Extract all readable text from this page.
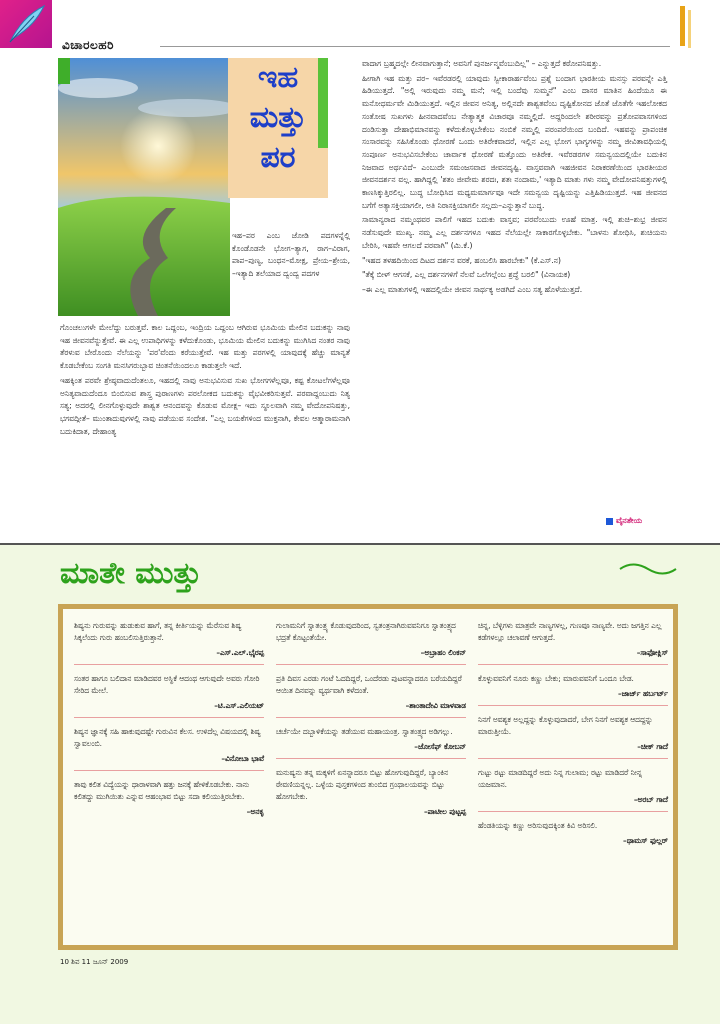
ವಿಚಾರಲಹರಿ
ಇಹ
ಮತ್ತು
ಪರ

ಇಹ–ಪರ ಎಂಬ ಜೋಡಿ ಪದಗಳನ್ನೆಲ್ಲಿ ಕೊಂಡೊಡನೇ ಭೋಗ–ತ್ಯಾಗ, ರಾಗ–ವಿರಾಗ, ಪಾಪ–ಪುಣ್ಯ, ಬಂಧನ–ಮೋಕ್ಷ, ಪ್ರೇಯ–ಶ್ರೇಯ, –ಇತ್ಯಾದಿ ತಲೆಯಾದ ದ್ವಂದ್ವ ಪದಗಳ

ಗೊಂಚಲುಗಳೇ ಮೇಲೆದ್ದು ಬರುತ್ತವೆ. ಕಾಲ ಒದ್ದಂಬ, ಇಂದ್ರಿಯ ಒದ್ದಂಬ ಆಗಿರುವ ಭೂಮಿಯ ಮೇಲಿನ ಬದುಕನ್ನು ನಾವು ಇಹ ಜೀವನವೆನ್ನುತ್ತೇವೆ. ಈ ಎಲ್ಲ ಉಪಾಧಿಗಳನ್ನು ಕಳೆದುಕೊಂಡು, ಭೂಮಿಯ ಮೇಲಿನ ಬದುಕನ್ನು ಮುಗಿಸಿದ ನಂತರ ನಾವು ತೆರಳುವ ಬೇರೊಂದು ನೆಲೆಯನ್ನು 'ಪರ'ವೆಂದು ಕರೆಯುತ್ತೇವೆ. ಇಹ ಮತ್ತು ಪರಗಳಲ್ಲಿ ಯಾವುದಕ್ಕೆ ಹೆಚ್ಚು ಮಾನ್ಯತೆ ಕೊಡಬೇಕೆಂಬ ಸಂಗತಿ ಮನಸಿಗರುಬ್ಬಾವ ಚಿಂತನೆಯಿಂದಲೂ ಕಾಡುತ್ತಲೇ ಇದೆ.

ಇಹಕ್ಕಿಂತ ಪರವೇ ಶ್ರೇಷ್ಠವಾದುದೆಂತಲೂ, ಇಹದಲ್ಲಿ ನಾವು ಅನುಭವಿಸುವ ಸುಖ ಭೋಗಗಳೆಲ್ಲವೂ, ಕಷ್ಟ ಕೋಟಲೆಗಳೆಲ್ಲವೂ ಅನಿತ್ಯವಾದುದೆಂದೂ ಬಿಂಬಿಸುವ ಶಾಸ್ತ್ರ ಪುರಾಣಗಳು ಪರಲೋಕದ ಬದುಕನ್ನು ವೈಭವೀಕರಿಸುತ್ತವೆ. ಪರವಾದ್ದಂಬುದು ನಿತ್ಯ ಸತ್ಯ; ಅದರಲ್ಲಿ ಲೀನಗೊಳ್ಳುವುದೇ ಶಾಶ್ವತ ಆನಂದವನ್ನು ಕೊಡುವ ಮೋಕ್ಷ– ಇದು ಸ್ಥೂಲವಾಗಿ ನಮ್ಮ ವೇದೋಪನಿಷತ್ತು, ಭಗವದ್ಗೀತೆ– ಮುಂತಾದುವುಗಳಲ್ಲಿ ನಾವು ಪಡೆಯುವ ಸಂದೇಶ. "ಎಲ್ಲ ಬಯಕೆಗಳಿಂದ ಮುಕ್ತನಾಗಿ, ಕೇವಲ ಆತ್ಮಾರಾಮನಾಗಿ ಬದುಕಿದಾತ, ದೇಹಾಂತ್ಯ

ವಾದಾಗ ಬ್ರಹ್ಮದಲ್ಲೇ ಲೀನವಾಗುತ್ತಾನೆ; ಅವನಿಗೆ ಪುನರ್ಜನ್ಮವೆಂಬುದಿಲ್ಲ" – ಎನ್ನುತ್ತದೆ ಕಠೋಪನಿಷತ್ತು.

ಹೀಗಾಗಿ ಇಹ ಮತ್ತು ಪರ– ಇವೆರಡರಲ್ಲಿ ಯಾವುದು ಸ್ವೀಕಾರಾರ್ಹವೆಂಬ ಪ್ರಶ್ನೆ ಬಂದಾಗ ಭಾರತೀಯ ಮನಸ್ಸು ಪರವನ್ನೇ ಎತ್ತಿ ಹಿಡಿಯುತ್ತದೆ. "ಅಲ್ಲಿ ಇರುವುದು ನಮ್ಮ ಮನೆ; ಇಲ್ಲಿ ಬಂದೆವು ಸುಮ್ಮನೆ" ಎಂಬ ದಾಸರ ಮಾತಿನ ಹಿಂದೆಯೂ ಈ ಮನೋಧರ್ಮವೇ ಮಿಡಿಯುತ್ತದೆ. ಇಲ್ಲಿನ ಜೀವನ ಅನಿತ್ಯ, ಅಲ್ಲಿನದೇ ಶಾಶ್ವತವೆಂಬ ದೃಷ್ಟಿಕೋನದ ಜೊತೆ ಜೊತೆಗೇ ಇಹಲೋಕದ ಸಂತೋಷ ಸುಖಗಳು ಹೀನವಾದವೆಂಬ ನೇತ್ಯಾತ್ಮಕ ವಿಚಾರವೂ ನಮ್ಮಲ್ಲಿದೆ. ಅದ್ದರಿಂದಲೇ ಶರೀರವನ್ನು ಪ್ರತೋಪವಾಸಗಳಿಂದ ದಂಡಿಸುತ್ತಾ ದೇಹಾಭಿಮಾನವನ್ನು ಕಳೆದುಕೊಳ್ಳಬೇಕೆಂಬ ನಂಬಿಕೆ ನಮ್ಮಲ್ಲಿ ಪರಂಪರೆಯಿಂದ ಬಂದಿದೆ. ಇಹವನ್ನು ಪ್ರಾಪಂಚಿಕ ಸಂಸಾರವನ್ನು ಸಹಿಸಿಕೊಂಡು ಧೋರಣೆ ಒಂದು ಅತಿರೇಕವಾದರೆ, ಇಲ್ಲಿನ ಎಲ್ಲ ಭೋಗ ಭಾಗ್ಯಗಳನ್ನು ನಮ್ಮ ಜೀವಿತಾವಧಿಯಲ್ಲಿ ಸಂಪೂರ್ಣ ಅನುಭವಿಸಬೇಕೆಂಬ ಚಾರ್ವಾಕ ಧೋರಣೆ ಮತ್ತೊಂದು ಅತಿರೇಕ. ಇವೆರಡರಗಳ ಸಮನ್ವಯದಲ್ಲಿಯೇ ಬದುಕಿನ ನಿಜವಾದ ಅರ್ಥವಿದೆ– ಎಂಬುದೇ ಸಮಂಜಸವಾದ ಜೀವನದೃಷ್ಟಿ. ವಾಸ್ತವವಾಗಿ ಇಹಜೀವನ ನಿರಾಕರಣೆಯಿಂದ ಭಾರತೀಯರ ಜೀವನದರ್ಶನ ವಲ್ಲ. ಹಾಗಿದ್ದಲ್ಲಿ 'ಶತಂ ಜೀವೇಮ ಶರದಃ, ಶತಃ ನಂದಾಮ,' ಇತ್ಯಾದಿ ಮಾತು ಗಳು ನಮ್ಮ ವೇದೋಪನಿಷತ್ತುಗಳಲ್ಲಿ ಕಾಣಸಿಕ್ಕುತ್ತಿರಲಿಲ್ಲ. ಬುದ್ಧ ಬೋಧಿಸಿದ ಮಧ್ಯಮಮಾರ್ಗವೂ ಇದೇ ಸಮನ್ವಯ ದೃಷ್ಟಿಯನ್ನು ಎತ್ತಿಹಿಡಿಯುತ್ತದೆ. ಇಹ ಜೀವನದ ಬಗೆಗೆ ಅತ್ಯಾಸಕ್ತಿಯಾಗಲೀ, ಅತಿ ನಿರಾಸಕ್ತಿಯಾಗಲೀ ಸಲ್ಲದು–ಎನ್ನುತ್ತಾನೆ ಬುದ್ಧ.

ಸಾಮಾನ್ಯರಾದ ನಮ್ಮಂಥವರ ಪಾಲಿಗೆ ಇಹದ ಬದುಕು ವಾಸ್ತವ; ಪರವೆಂಬುದು ಊಹೆ ಮಾತ್ರ. ಇಲ್ಲಿ ಶುಚಿ–ಶುಭ್ರ ಜೀವನ ನಡೆಸುವುದೇ ಮುಖ್ಯ. ನಮ್ಮ ಎಲ್ಲ ದರ್ಶನಗಳೂ ಇಹದ ನೆಲೆಯಲ್ಲೇ ಸಾಕಾರಗೊಳ್ಳಬೇಕು. "ಬಾಳನು ಶೋಧಿಸಿ, ಶುಚಿಯನು ಬೇರಿಸಿ, ಇಹವೇ ಆಗಲದೆ ಪರವಾಗಿ" (ಮಿ.ಕೆ.)

"ಇಹದ ತಳಹದಿಯಿಂದ ದಿಟದ ದರ್ಶನ ವರಕೆ, ಹಂಬಲಿಸಿ ಹಾರಬೇಕು" (ಕೆ.ಎಸ್.ನ)

"ತೆಕ್ಕೆ ಬೀಳ್ ಆಗಸಕೆ, ಎಲ್ಲ ದರ್ಶನಗಳಿಗೆ ನೆಲವೆ ಒಲೆಗಲ್ಲೆಂಬ ಶ್ರದ್ಧೆ ಬರಲಿ" (ವಿನಾಯಕ)

–ಈ ಎಲ್ಲ ಮಾತುಗಳಲ್ಲಿ ಇಹದಲ್ಲಿಯೇ ಜೀವನ ಸಾರ್ಥಕ್ಯ ಅಡಗಿದೆ ಎಂಬ ಸತ್ಯ ಹೊಳೆಯುತ್ತದೆ.

ವೈನತೇಯ
ಮಾತೇ ಮುತ್ತು
ಶಿಷ್ಯನು ಗುರುವನ್ನು ಹುಡುಕುವ ಹಾಗೆ, ತನ್ನ ಕೀರ್ತಿಯನ್ನು ಮೆರೆಸುವ ಶಿಷ್ಯ ಸಿಕ್ಕಲೆಂದು ಗುರು ಹಂಬಲಿಸುತ್ತಿರುತ್ತಾನೆ.
–ಎಸ್.ಎಲ್.ಭೈರಪ್ಪ
ಸಂತರ ಹಾಗೂ ಬಲಿದಾನ ಮಾಡಿದವರ ಅಸ್ಥಿಕೆ ಆದಂಥ ಆಗುವುದೇ ಅವರು ಗೋರಿ ಸೇರಿದ ಮೇಲೆ.
–ಟಿ.ಎಸ್.ಎಲಿಯಟ್
ಶಿಷ್ಯನ ಜ್ಞಾನಕ್ಕೆ ಸಹಿ ಹಾಕುವುದಷ್ಟೇ ಗುರುವಿನ ಕೆಲಸ. ಉಳಿದೆಲ್ಲ ವಿಷಯದಲ್ಲಿ ಶಿಷ್ಯ ಸ್ವಾವಲಂಬಿ.
–ವಿನೋಬಾ ಭಾವೆ
ತಾವು ಕಲಿತ ವಿದ್ಯೆಯನ್ನು ಧಾರಾಳವಾಗಿ ಹತ್ತು ಜನಕ್ಕೆ ಹೇಳಿಕೊಡಬೇಕು. ನಾನು ಕಲಿತದ್ದು ಮುಗಿಯಿತು ಎನ್ನುವ ಆಹಂಭಾವ ಬಿಟ್ಟು ಸದಾ ಕಲಿಯುತ್ತಿರಬೇಕು.
–ಅನಕೃ
ಗುಲಾಮನಿಗೆ ಸ್ವಾತಂತ್ರ್ಯ ಕೊಡುವುದರಿಂದ, ಸ್ವತಂತ್ರನಾಗಿರುವವನಿಗೂ ಸ್ವಾತಂತ್ರ್ಯದ ಭದ್ರತೆ ಕೊಟ್ಟಂತೆಯೇ.
–ಅಬ್ರಾಹಂ ಲಿಂಕನ್
ಪ್ರತಿ ದಿವಸ ಎರಡು ಗಂಟೆ ಓದದಿದ್ದರೆ, ಒಂದೆರಡು ಪುಟವನ್ನಾದರೂ ಬರೆಯದಿದ್ದರೆ ಆಯಿತ ದಿನವನ್ನು ವ್ಯರ್ಥವಾಗಿ ಕಳೆದಂತೆ.
–ಶಾಂತಾದೇವಿ ಮಾಳವಾಡ
ಚರ್ಚೆಯೇ ದಬ್ಬಾಳಿಕೆಯನ್ನು ತಡೆಯುವ ಮಹಾಯಂತ್ರ. ಸ್ವಾತಂತ್ರ್ಯದ ಅಡಿಗಲ್ಲು.
–ಜೋಸೆಫ್ ಕೋಬನ್
ಮನುಷ್ಯನು ತನ್ನ ಮಕ್ಕಳಿಗೆ ಏನನ್ನಾದರೂ ಬಿಟ್ಟು ಹೋಗುವುದಿದ್ದರೆ, ಬ್ಯಾಂಕಿನ ಠೇವಣಿಯನ್ನಲ್ಲ. ಒಳ್ಳೆಯ ಪುಸ್ತಕಗಳಿಂದ ತುಂಬಿದ ಗ್ರಂಥಾಲಯವನ್ನು ಬಿಟ್ಟು ಹೋಗಬೇಕು.
–ಪಾಟೀಲ ಪುಟ್ಟಪ್ಪ
ಚಿನ್ನ, ಬೆಳ್ಳಿಗಳು ಮಾತ್ರವೇ ನಾಣ್ಯಗಳಲ್ಲ, ಗುಣವೂ ನಾಣ್ಯವೇ. ಅದು ಜಗತ್ತಿನ ಎಲ್ಲ ಕಡೆಗಳಲ್ಲೂ ಚಲಾವಣೆ ಆಗುತ್ತದೆ.
–ಸಾಫೋಕ್ಲಿಸ್
ಕೊಳ್ಳುವವನಿಗೆ ನೂರು ಕಣ್ಣು ಬೇಕು; ಮಾರುವವನಿಗೆ ಒಂದೂ ಬೇಡ.
–ಜಾರ್ಜ್ ಹರ್ಬರ್ಟ್
ನಿನಗೆ ಅವಶ್ಯಕ ಅಲ್ಲದ್ದನ್ನು ಕೊಳ್ಳುವುದಾದರೆ, ಬೇಗ ನಿನಗೆ ಅವಶ್ಯಕ ಆದದ್ದನ್ನು ಮಾರುತ್ತೀಯೆ.
–ಚೀಕ್ ಗಾದೆ
ಗುಟ್ಟು ರಟ್ಟು ಮಾಡದಿದ್ದರೆ ಅದು ನಿನ್ನ ಗುಲಾಮ; ರಟ್ಟು ಮಾಡಿದರೆ ನೀನ್ನ ಯಜಮಾನ.
–ಅರಬ್ ಗಾದೆ
ಹೆಂಡತಿಯನ್ನು ಕಣ್ಣು ಅರಿಸುವುದಕ್ಕಿಂತ ಕಿವಿ ಅರಿಸಲಿ.
–ಥಾಮಸ್ ಫುಲ್ಲರ್
10 ಶಿವ 11 ಜೂನ್ 2009
